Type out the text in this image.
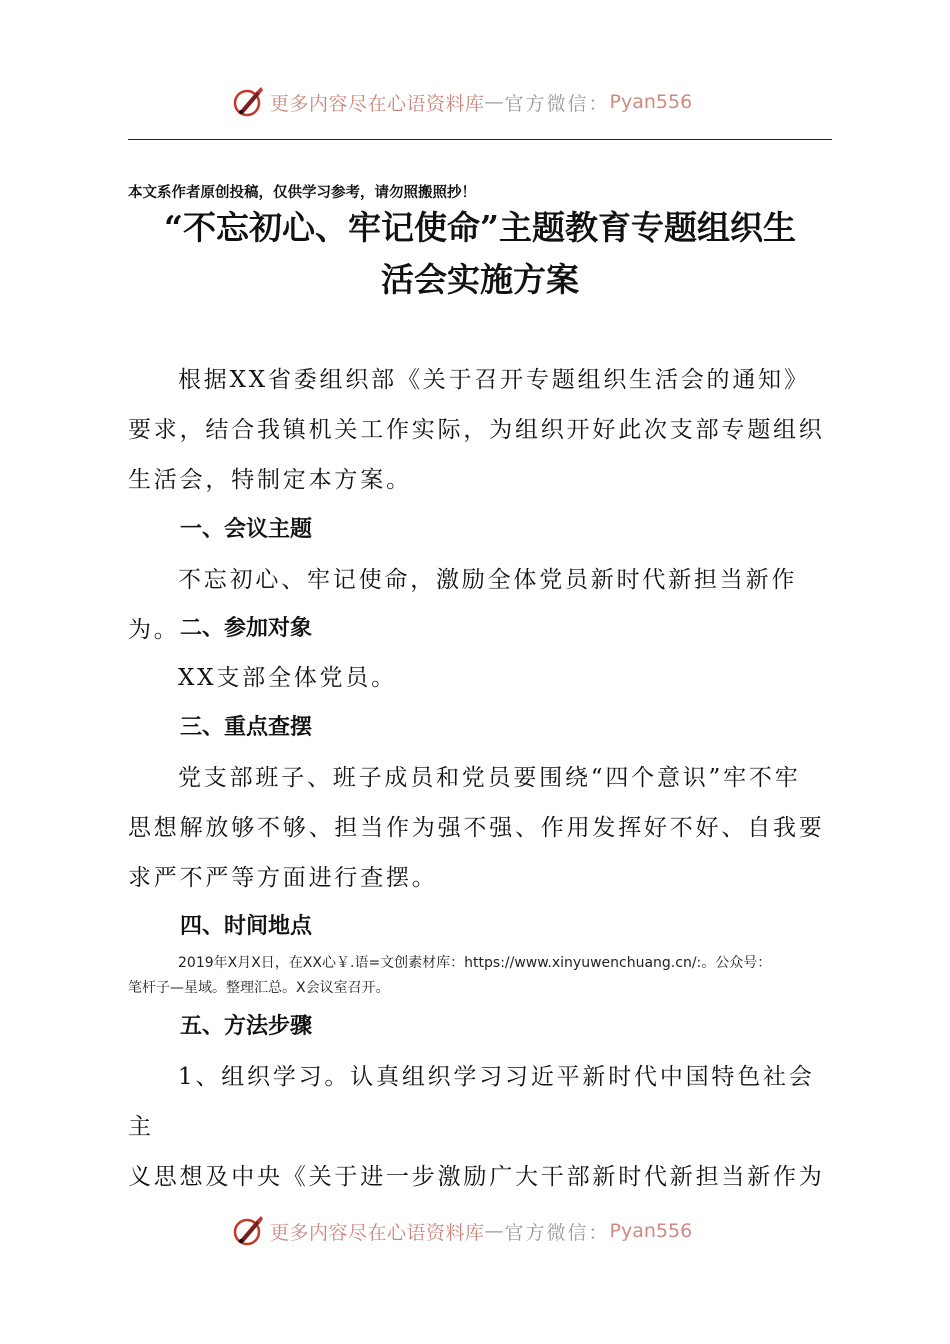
更多内容尽在心语资料库 — 官方微信： Pyan556
本文系作者原创投稿，仅供学习参考，请勿照搬照抄！
“不忘初心、牢记使命”主题教育专题组织生
活会实施方案
根据XX省委组织部《关于召开专题组织生活会的通知》
要求，结合我镇机关工作实际，为组织开好此次支部专题组织
生活会，特制定本方案。
一、会议主题
不忘初心、牢记使命，激励全体党员新时代新担当新作为。 二、参加对象
XX支部全体党员。
三、重点查摆
党支部班子、班子成员和党员要围绕“四个意识”牢不牢
思想解放够不够、担当作为强不强、作用发挥好不好、自我要
求严不严等方面进行查摆。
四、时间地点
2019年X月X日，在XX心￥.语=文创素材库：https://www.xinyuwenchuang.cn/:。公众号：
笔杆子—星域。整理汇总。X会议室召开。
五、方法步骤
1、组织学习。认真组织学习习近平新时代中国特色社会主
义思想及中央《关于进一步激励广大干部新时代新担当新作为
更多内容尽在心语资料库 — 官方微信： Pyan556
